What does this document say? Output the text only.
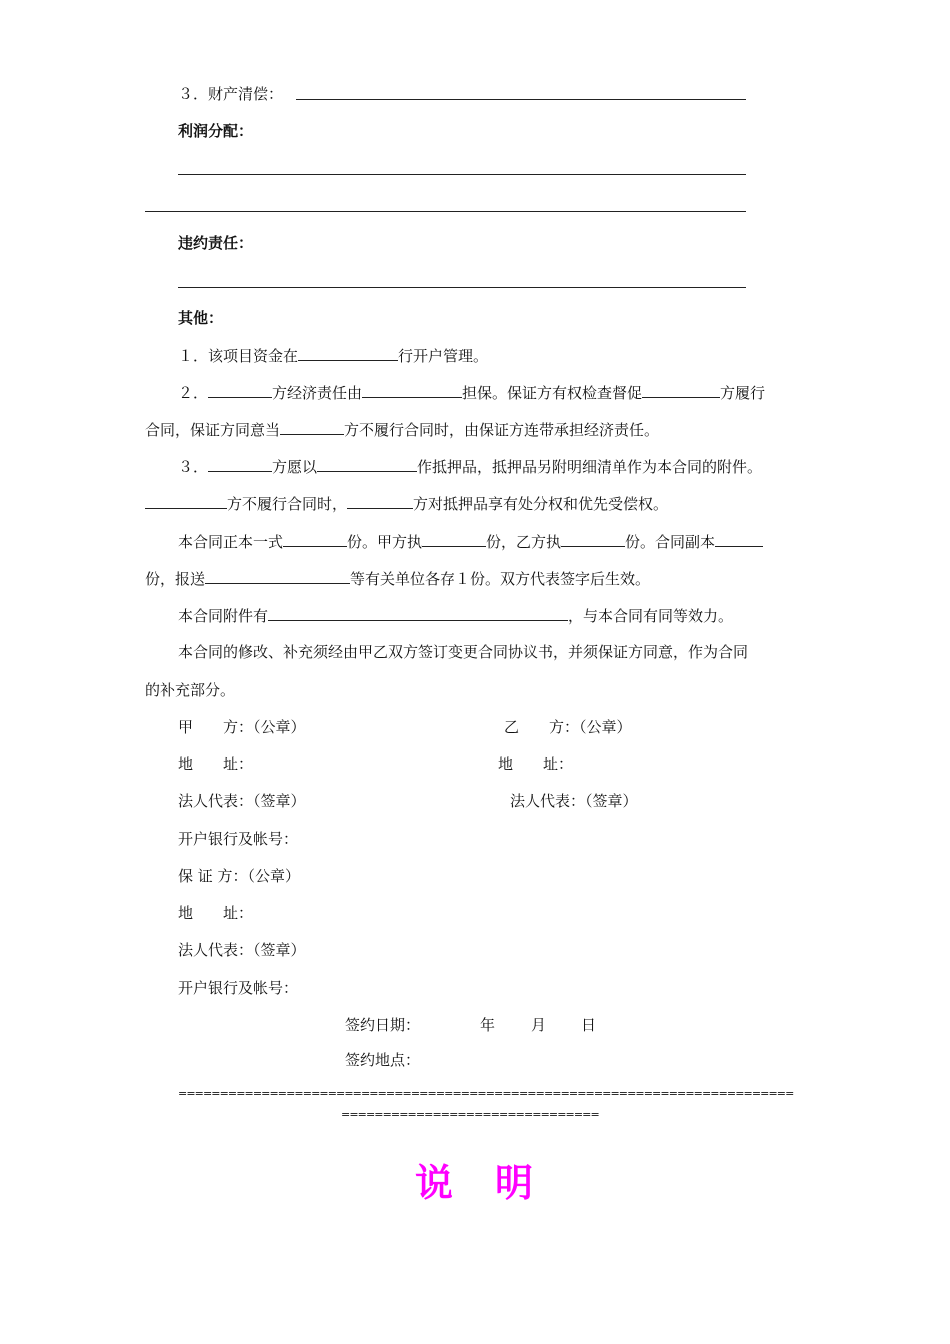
３．财产清偿：
利润分配：
违约责任：
其他：
１．该项目资金在	行开户管理。
２．	方经济责任由	担保。保证方有权检查督促	方履行
合同，保证方同意当	方不履行合同时，由保证方连带承担经济责任。
３．	方愿以	作抵押品，抵押品另附明细清单作为本合同的附件。
方不履行合同时，	方对抵押品享有处分权和优先受偿权。
本合同正本一式	份。甲方执	份，乙方执	份。合同副本
份，报送	等有关单位各存１份。双方代表签字后生效。
本合同附件有	，与本合同有同等效力。
本合同的修改、补充须经由甲乙双方签订变更合同协议书，并须保证方同意，作为合同
的补充部分。
甲　　方：（公章）	乙　　方：（公章）
地　　址：	地　　址：
法人代表：（签章）	法人代表：（签章）
开户银行及帐号：
保 证 方：（公章）
地　　址：
法人代表：（签章）
开户银行及帐号：
签约日期：	年 月 日
签约地点：
==========================================================================
===============================
说　明
